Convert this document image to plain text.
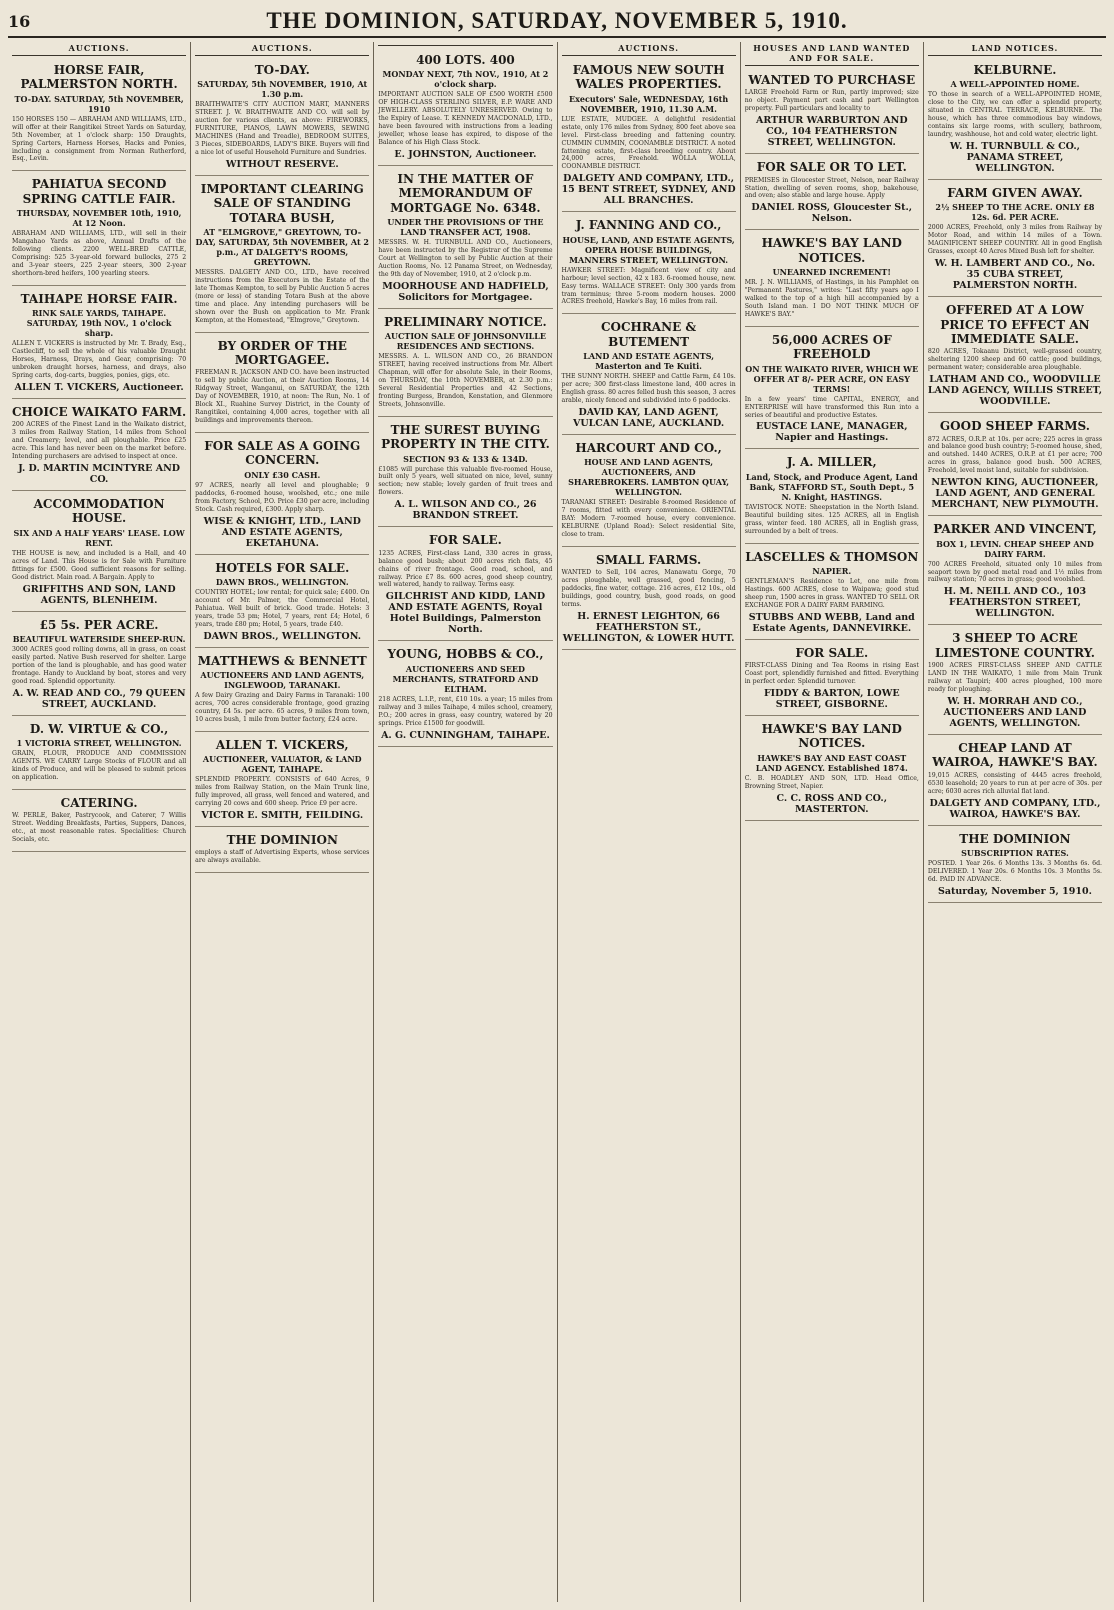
16	THE DOMINION, SATURDAY, NOVEMBER 5, 1910.
AUCTIONS.
HORSE FAIR, PALMERSTON NORTH.
TO-DAY. SATURDAY, 5th NOVEMBER, 1910
150 HORSES 150 — ABRAHAM AND WILLIAMS, LTD., will offer at their Rangitikei Street Yards on Saturday, 5th November, at 1 o'clock sharp: 150 Draughts, Spring Carters, Harness Horses, Hacks and Ponies, including a consignment from Norman Rutherford, Esq., Levin.
PAHIATUA SECOND SPRING CATTLE FAIR.
THURSDAY, NOVEMBER 10th, 1910, At 12 Noon.
ABRAHAM AND WILLIAMS, LTD., will sell in their Mangahao Yards as above, Annual Drafts of the following clients. 2200 WELL-BRED CATTLE, Comprising: 525 3-year-old forward bullocks, 275 2 and 3-year steers, 225 2-year steers, 300 2-year shorthorn-bred heifers, 100 yearling steers.
TAIHAPE HORSE FAIR.
RINK SALE YARDS, TAIHAPE. SATURDAY, 19th NOV., 1 o'clock sharp.
ALLEN T. VICKERS is instructed by Mr. T. Brady, Esq., Castlecliff, to sell the whole of his valuable Draught Horses, Harness, Drays, and Gear, comprising: 70 unbroken draught horses, harness, and drays, also Spring carts, dog-carts, buggies, ponies, gigs, etc.
ALLEN T. VICKERS, Auctioneer.
CHOICE WAIKATO FARM.
200 ACRES of the Finest Land in the Waikato district, 3 miles from Railway Station, 14 miles from School and Creamery; level, and all ploughable. Price £25 acre. This land has never been on the market before. Intending purchasers are advised to inspect at once.
J. D. MARTIN MCINTYRE AND CO.
ACCOMMODATION HOUSE.
SIX AND A HALF YEARS' LEASE. LOW RENT.
THE HOUSE is new, and included is a Hall, and 40 acres of Land. This House is for Sale with Furniture fittings for £500. Good sufficient reasons for selling. Good district. Main road. A Bargain. Apply to
GRIFFITHS AND SON, LAND AGENTS, BLENHEIM.
£5 5s. PER ACRE.
BEAUTIFUL WATERSIDE SHEEP-RUN.
3000 ACRES good rolling downs, all in grass, on coast easily parted. Native Bush reserved for shelter. Large portion of the land is ploughable, and has good water frontage. Handy to Auckland by boat, stores and very good road. Splendid opportunity.
A. W. READ AND CO., 79 QUEEN STREET, AUCKLAND.
D. W. VIRTUE & CO.,
1 VICTORIA STREET, WELLINGTON.
GRAIN, FLOUR, PRODUCE AND COMMISSION AGENTS. WE CARRY Large Stocks of FLOUR and all kinds of Produce, and will be pleased to submit prices on application.
CATERING.
W. PERLE, Baker, Pastrycook, and Caterer, 7 Willis Street. Wedding Breakfasts, Parties, Suppers, Dances, etc., at most reasonable rates. Specialities: Church Socials, etc.
AUCTIONS.
TO-DAY.
SATURDAY, 5th NOVEMBER, 1910, At 1.30 p.m.
BRAITHWAITE'S CITY AUCTION MART, MANNERS STREET. J. W. BRAITHWAITE AND CO. will sell by auction for various clients, as above: FIREWORKS, FURNITURE, PIANOS, LAWN MOWERS, SEWING MACHINES (Hand and Treadle), BEDROOM SUITES, 3 Pieces, SIDEBOARDS, LADY'S BIKE. Buyers will find a nice lot of useful Household Furniture and Sundries.
WITHOUT RESERVE.
IMPORTANT CLEARING SALE OF STANDING TOTARA BUSH,
AT "ELMGROVE," GREYTOWN, TO-DAY, SATURDAY, 5th NOVEMBER, At 2 p.m., AT DALGETY'S ROOMS, GREYTOWN.
MESSRS. DALGETY AND CO., LTD., have received instructions from the Executors in the Estate of the late Thomas Kempton, to sell by Public Auction 5 acres (more or less) of standing Totara Bush at the above time and place. Any intending purchasers will be shown over the Bush on application to Mr. Frank Kempton, at the Homestead, "Elmgrove," Greytown.
BY ORDER OF THE MORTGAGEE.
FREEMAN R. JACKSON AND CO. have been instructed to sell by public Auction, at their Auction Rooms, 14 Ridgway Street, Wanganui, on SATURDAY, the 12th Day of NOVEMBER, 1910, at noon: The Run, No. 1 of Block XI., Ruahine Survey District, in the County of Rangitikei, containing 4,000 acres, together with all buildings and improvements thereon.
FOR SALE AS A GOING CONCERN.
ONLY £30 CASH.
97 ACRES, nearly all level and ploughable; 9 paddocks, 6-roomed house, woolshed, etc.; one mile from Factory, School, P.O. Price £30 per acre, including Stock. Cash required, £300. Apply sharp.
WISE & KNIGHT, LTD., LAND AND ESTATE AGENTS, EKETAHUNA.
HOTELS FOR SALE.
DAWN BROS., WELLINGTON.
COUNTRY HOTEL; low rental; for quick sale; £400. On account of Mr. Palmer, the Commercial Hotel, Pahiatua. Well built of brick. Good trade. Hotels: 3 years, trade 53 pm; Hotel, 7 years, rent £4; Hotel, 6 years, trade £80 pm; Hotel, 5 years, trade £40.
DAWN BROS., WELLINGTON.
MATTHEWS & BENNETT
AUCTIONEERS AND LAND AGENTS, INGLEWOOD, TARANAKI.
A few Dairy Grazing and Dairy Farms in Taranaki: 100 acres, 700 acres considerable frontage, good grazing country, £4 5s. per acre. 65 acres, 9 miles from town, 10 acres bush, 1 mile from butter factory, £24 acre.
ALLEN T. VICKERS,
AUCTIONEER, VALUATOR, & LAND AGENT, TAIHAPE.
SPLENDID PROPERTY. CONSISTS of 640 Acres, 9 miles from Railway Station, on the Main Trunk line, fully improved, all grass, well fenced and watered, and carrying 20 cows and 600 sheep. Price £9 per acre.
VICTOR E. SMITH, FEILDING.
THE DOMINION
employs a staff of Advertising Experts, whose services are always available.
400 LOTS. 400
MONDAY NEXT, 7th NOV., 1910, At 2 o'clock sharp.
IMPORTANT AUCTION SALE OF £500 WORTH £500 OF HIGH-CLASS STERLING SILVER, E.P. WARE AND JEWELLERY. ABSOLUTELY UNRESERVED. Owing to the Expiry of Lease. T. KENNEDY MACDONALD, LTD., have been favoured with instructions from a leading jeweller, whose lease has expired, to dispose of the Balance of his High Class Stock.
E. JOHNSTON, Auctioneer.
IN THE MATTER OF MEMORANDUM OF MORTGAGE No. 6348.
UNDER THE PROVISIONS OF THE LAND TRANSFER ACT, 1908.
MESSRS. W. H. TURNBULL AND CO., Auctioneers, have been instructed by the Registrar of the Supreme Court at Wellington to sell by Public Auction at their Auction Rooms, No. 12 Panama Street, on Wednesday, the 9th day of November, 1910, at 2 o'clock p.m.
MOORHOUSE AND HADFIELD, Solicitors for Mortgagee.
PRELIMINARY NOTICE.
AUCTION SALE OF JOHNSONVILLE RESIDENCES AND SECTIONS.
MESSRS. A. L. WILSON AND CO., 26 BRANDON STREET, having received instructions from Mr. Albert Chapman, will offer for absolute Sale, in their Rooms, on THURSDAY, the 10th NOVEMBER, at 2.30 p.m.: Several Residential Properties and 42 Sections, fronting Burgess, Brandon, Kenstation, and Glenmore Streets, Johnsonville.
THE SUREST BUYING PROPERTY IN THE CITY.
SECTION 93 & 133 & 134D.
£1085 will purchase this valuable five-roomed House, built only 5 years, well situated on nice, level, sunny section; new stable; lovely garden of fruit trees and flowers.
A. L. WILSON AND CO., 26 BRANDON STREET.
FOR SALE.
1235 ACRES, First-class Land, 330 acres in grass, balance good bush; about 200 acres rich flats, 45 chains of river frontage. Good road, school, and railway. Price £7 8s. 600 acres, good sheep country, well watered, handy to railway. Terms easy.
GILCHRIST AND KIDD, LAND AND ESTATE AGENTS, Royal Hotel Buildings, Palmerston North.
YOUNG, HOBBS & CO.,
AUCTIONEERS AND SEED MERCHANTS, STRATFORD AND ELTHAM.
218 ACRES, L.I.P., rent, £10 10s. a year; 15 miles from railway and 3 miles Taihape, 4 miles school, creamery, P.O.; 200 acres in grass, easy country, watered by 20 springs. Price £1500 for goodwill.
A. G. CUNNINGHAM, TAIHAPE.
AUCTIONS.
FAMOUS NEW SOUTH WALES PROPERTIES.
Executors' Sale, WEDNESDAY, 16th NOVEMBER, 1910, 11.30 A.M.
LUE ESTATE, MUDGEE. A delightful residential estate, only 176 miles from Sydney, 800 feet above sea level. First-class breeding and fattening country. CUMMIN CUMMIN, COONAMBLE DISTRICT. A noted fattening estate, first-class breeding country. About 24,000 acres, Freehold. WOLLA WOLLA, COONAMBLE DISTRICT.
DALGETY AND COMPANY, LTD., 15 BENT STREET, SYDNEY, AND ALL BRANCHES.
J. FANNING AND CO.,
HOUSE, LAND, AND ESTATE AGENTS, OPERA HOUSE BUILDINGS, MANNERS STREET, WELLINGTON.
HAWKER STREET: Magnificent view of city and harbour; level section, 42 x 183. 6-roomed house, new. Easy terms. WALLACE STREET: Only 300 yards from tram terminus; three 5-room modern houses. 2000 ACRES freehold, Hawke's Bay, 16 miles from rail.
COCHRANE & BUTEMENT
LAND AND ESTATE AGENTS, Masterton and Te Kuiti.
THE SUNNY NORTH. SHEEP and Cattle Farm, £4 10s. per acre; 300 first-class limestone land, 400 acres in English grass. 80 acres felled bush this season, 3 acres arable, nicely fenced and subdivided into 6 paddocks.
DAVID KAY, LAND AGENT, VULCAN LANE, AUCKLAND.
HARCOURT AND CO.,
HOUSE AND LAND AGENTS, AUCTIONEERS, AND SHAREBROKERS. LAMBTON QUAY, WELLINGTON.
TARANAKI STREET: Desirable 8-roomed Residence of 7 rooms, fitted with every convenience. ORIENTAL BAY: Modern 7-roomed house, every convenience. KELBURNE (Upland Road): Select residential Site, close to tram.
SMALL FARMS.
WANTED to Sell, 104 acres, Manawatu Gorge, 70 acres ploughable, well grassed, good fencing, 5 paddocks, fine water, cottage. 216 acres, £12 10s., old buildings, good country, bush, good roads, on good terms.
H. ERNEST LEIGHTON, 66 FEATHERSTON ST., WELLINGTON, & LOWER HUTT.
HOUSES AND LAND WANTED AND FOR SALE.
WANTED TO PURCHASE
LARGE Freehold Farm or Run, partly improved; size no object. Payment part cash and part Wellington property. Full particulars and locality to
ARTHUR WARBURTON AND CO., 104 FEATHERSTON STREET, WELLINGTON.
FOR SALE OR TO LET.
PREMISES in Gloucester Street, Nelson, near Railway Station, dwelling of seven rooms, shop, bakehouse, and oven; also stable and large house. Apply
DANIEL ROSS, Gloucester St., Nelson.
HAWKE'S BAY LAND NOTICES.
UNEARNED INCREMENT!
MR. J. N. WILLIAMS, of Hastings, in his Pamphlet on "Permanent Pastures," writes: "Last fifty years ago I walked to the top of a high hill accompanied by a South Island man. I DO NOT THINK MUCH OF HAWKE'S BAY."
56,000 ACRES OF FREEHOLD
ON THE WAIKATO RIVER, WHICH WE OFFER AT 8/- PER ACRE, ON EASY TERMS!
In a few years' time CAPITAL, ENERGY, and ENTERPRISE will have transformed this Run into a series of beautiful and productive Estates.
EUSTACE LANE, MANAGER, Napier and Hastings.
J. A. MILLER,
Land, Stock, and Produce Agent, Land Bank, STAFFORD ST., South Dept., 5 N. Knight, HASTINGS.
TAVISTOCK NOTE: Sheepstation in the North Island. Beautiful building sites. 125 ACRES, all in English grass, winter feed. 180 ACRES, all in English grass, surrounded by a belt of trees.
LASCELLES & THOMSON
NAPIER.
GENTLEMAN'S Residence to Let, one mile from Hastings. 600 ACRES, close to Waipawa; good stud sheep run, 1500 acres in grass. WANTED TO SELL OR EXCHANGE FOR A DAIRY FARM FARMING.
STUBBS AND WEBB, Land and Estate Agents, DANNEVIRKE.
FOR SALE.
FIRST-CLASS Dining and Tea Rooms in rising East Coast port, splendidly furnished and fitted. Everything in perfect order. Splendid turnover.
FIDDY & BARTON, LOWE STREET, GISBORNE.
HAWKE'S BAY LAND NOTICES.
HAWKE'S BAY AND EAST COAST LAND AGENCY. Established 1874.
C. B. HOADLEY AND SON, LTD. Head Office, Browning Street, Napier.
C. C. ROSS AND CO., MASTERTON.
LAND NOTICES.
KELBURNE.
A WELL-APPOINTED HOME.
TO those in search of a WELL-APPOINTED HOME, close to the City, we can offer a splendid property, situated in CENTRAL TERRACE, KELBURNE. The house, which has three commodious bay windows, contains six large rooms, with scullery, bathroom, laundry, washhouse, hot and cold water, electric light.
W. H. TURNBULL & CO., PANAMA STREET, WELLINGTON.
FARM GIVEN AWAY.
2½ SHEEP TO THE ACRE. ONLY £8 12s. 6d. PER ACRE.
2000 ACRES, Freehold, only 3 miles from Railway by Motor Road, and within 14 miles of a Town. MAGNIFICENT SHEEP COUNTRY. All in good English Grasses, except 40 Acres Mixed Bush left for shelter.
W. H. LAMBERT AND CO., No. 35 CUBA STREET, PALMERSTON NORTH.
OFFERED AT A LOW PRICE TO EFFECT AN IMMEDIATE SALE.
820 ACRES, Tokaanu District, well-grassed country, sheltering 1200 sheep and 60 cattle; good buildings, permanent water; considerable area ploughable.
LATHAM AND CO., WOODVILLE LAND AGENCY, WILLIS STREET, WOODVILLE.
GOOD SHEEP FARMS.
872 ACRES, O.R.P. at 10s. per acre; 225 acres in grass and balance good bush country; 5-roomed house, shed, and outshed. 1440 ACRES, O.R.P. at £1 per acre; 700 acres in grass, balance good bush. 500 ACRES, Freehold, level moist land, suitable for subdivision.
NEWTON KING, AUCTIONEER, LAND AGENT, AND GENERAL MERCHANT, NEW PLYMOUTH.
PARKER AND VINCENT,
BOX 1, LEVIN. CHEAP SHEEP AND DAIRY FARM.
700 ACRES Freehold, situated only 10 miles from seaport town by good metal road and 1½ miles from railway station; 70 acres in grass; good woolshed.
H. M. NEILL AND CO., 103 FEATHERSTON STREET, WELLINGTON.
3 SHEEP TO ACRE LIMESTONE COUNTRY.
1900 ACRES FIRST-CLASS SHEEP AND CATTLE LAND IN THE WAIKATO, 1 mile from Main Trunk railway at Taupiri; 400 acres ploughed, 100 more ready for ploughing.
W. H. MORRAH AND CO., AUCTIONEERS AND LAND AGENTS, WELLINGTON.
CHEAP LAND AT WAIROA, HAWKE'S BAY.
19,015 ACRES, consisting of 4445 acres freehold, 6530 leasehold; 20 years to run at per acre of 30s. per acre; 6030 acres rich alluvial flat land.
DALGETY AND COMPANY, LTD., WAIROA, HAWKE'S BAY.
THE DOMINION
SUBSCRIPTION RATES.
POSTED. 1 Year 26s. 6 Months 13s. 3 Months 6s. 6d. DELIVERED. 1 Year 20s. 6 Months 10s. 3 Months 5s. 6d. PAID IN ADVANCE.
Saturday, November 5, 1910.
